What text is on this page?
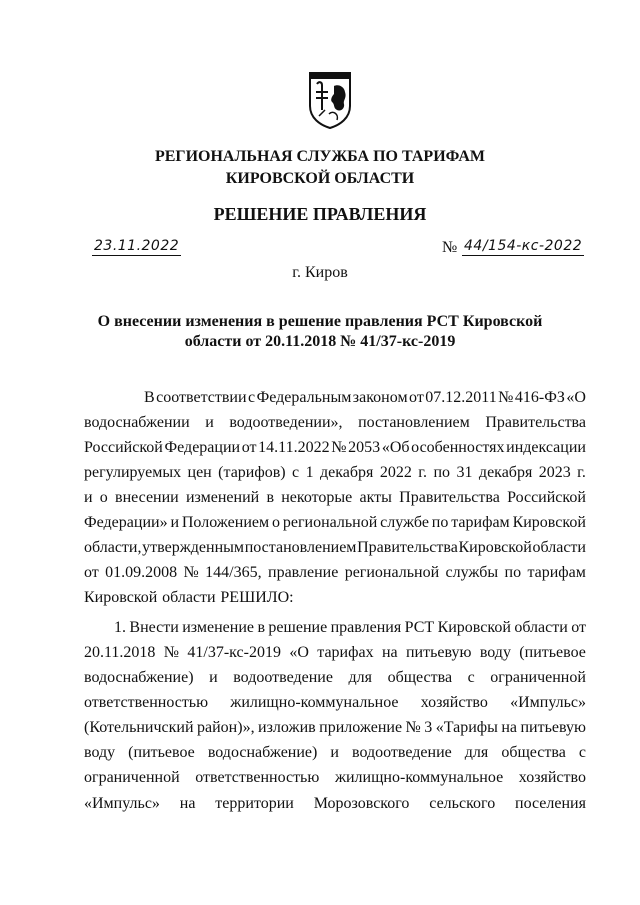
РЕГИОНАЛЬНАЯ СЛУЖБА ПО ТАРИФАМ
КИРОВСКОЙ ОБЛАСТИ
РЕШЕНИЕ ПРАВЛЕНИЯ
23.11.2022	№ 44/154-кс-2022
г. Киров
О внесении изменения в решение правления РСТ Кировской
области от 20.11.2018 № 41/37-кс-2019
В соответствии с Федеральным законом от 07.12.2011 № 416-ФЗ «О
водоснабжении и водоотведении», постановлением Правительства
Российской Федерации от 14.11.2022 № 2053 «Об особенностях индексации
регулируемых цен (тарифов) с 1 декабря 2022 г. по 31 декабря 2023 г.
и о внесении изменений в некоторые акты Правительства Российской
Федерации» и Положением о региональной службе по тарифам Кировской
области, утвержденным постановлением Правительства Кировской области
от 01.09.2008 № 144/365, правление региональной службы по тарифам
Кировской области РЕШИЛО:
1. Внести изменение в решение правления РСТ Кировской области от
20.11.2018 № 41/37-кс-2019 «О тарифах на питьевую воду (питьевое
водоснабжение) и водоотведение для общества с ограниченной
ответственностью жилищно-коммунальное хозяйство «Импульс»
(Котельничский район)», изложив приложение № 3 «Тарифы на питьевую
воду (питьевое водоснабжение) и водоотведение для общества с
ограниченной ответственностью жилищно-коммунальное хозяйство
«Импульс» на территории Морозовского сельского поселения
